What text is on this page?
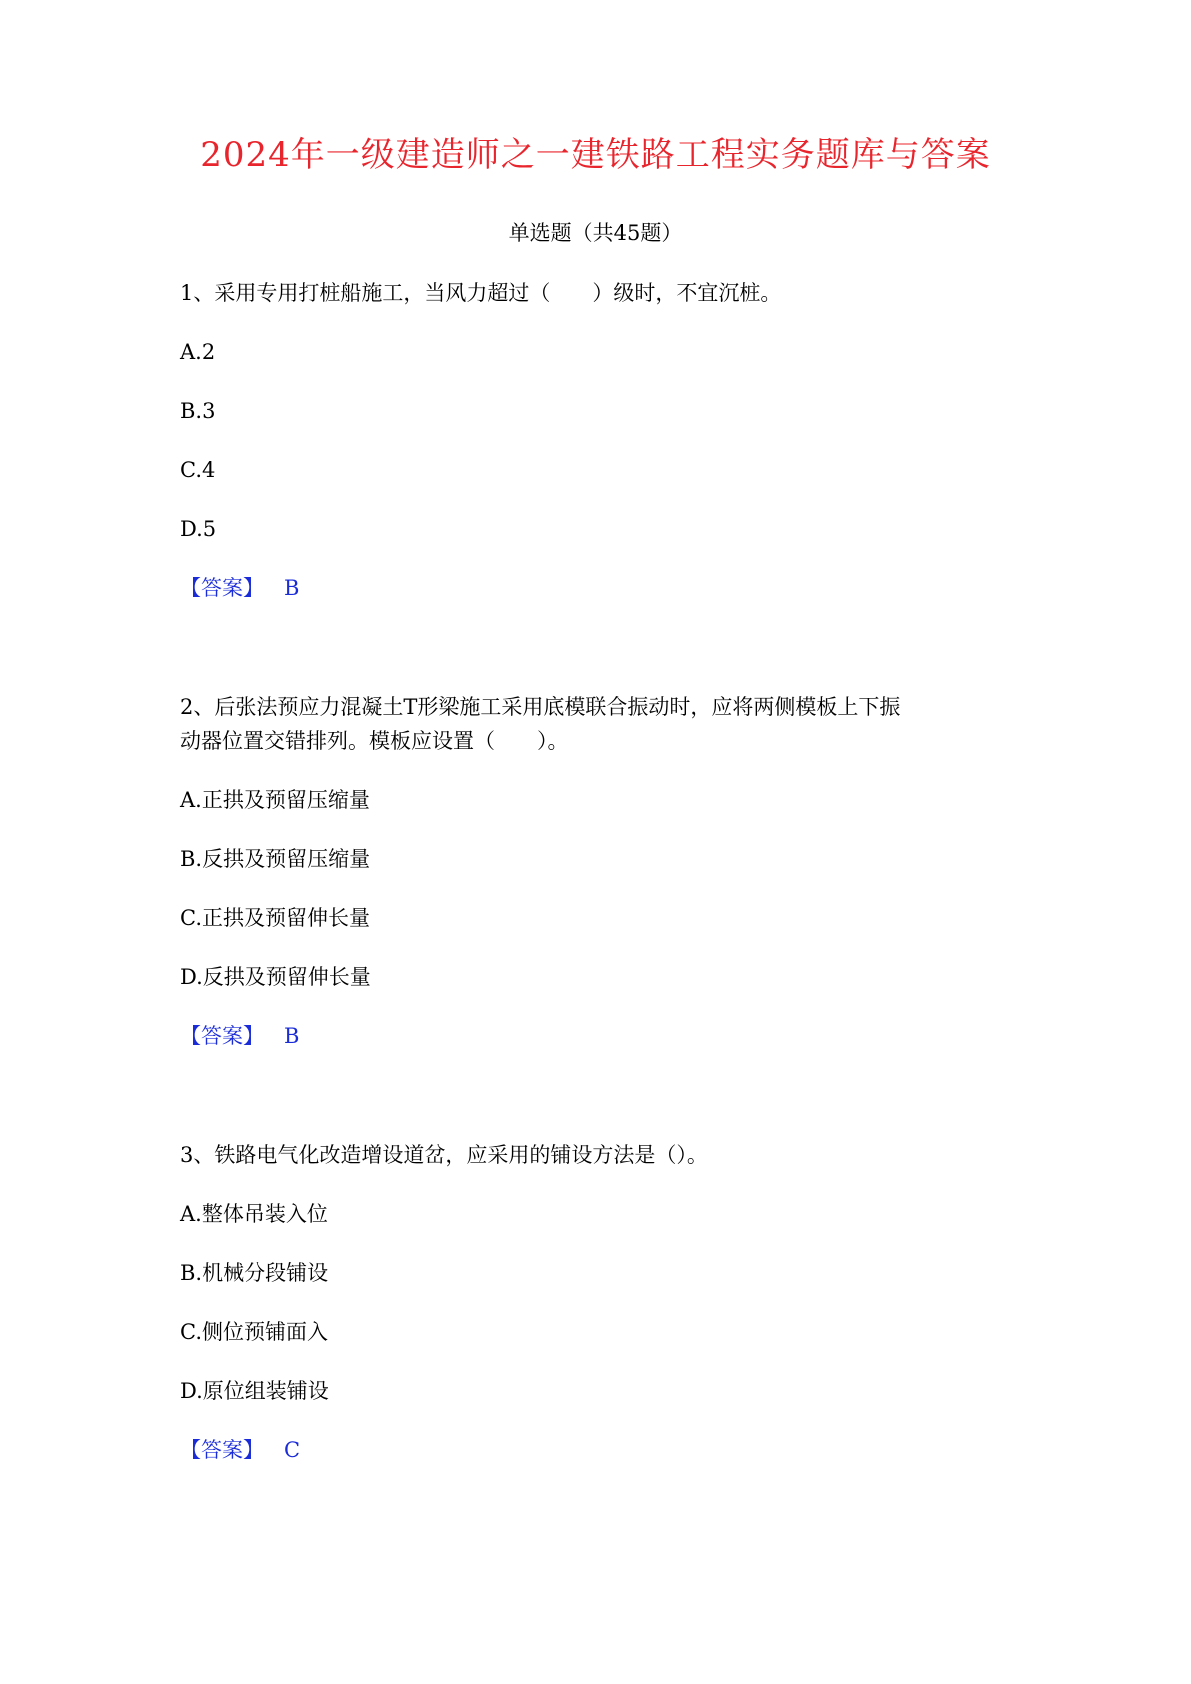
2024年一级建造师之一建铁路工程实务题库与答案
单选题（共45题）
1、采用专用打桩船施工，当风力超过（　　）级时，不宜沉桩。
A.2
B.3
C.4
D.5
【答案】 B
2、后张法预应力混凝土T形梁施工采用底模联合振动时，应将两侧模板上下振
动器位置交错排列。模板应设置（　　）。
A.正拱及预留压缩量
B.反拱及预留压缩量
C.正拱及预留伸长量
D.反拱及预留伸长量
【答案】 B
3、铁路电气化改造增设道岔，应采用的铺设方法是（）。
A.整体吊装入位
B.机械分段铺设
C.侧位预铺面入
D.原位组装铺设
【答案】 C
